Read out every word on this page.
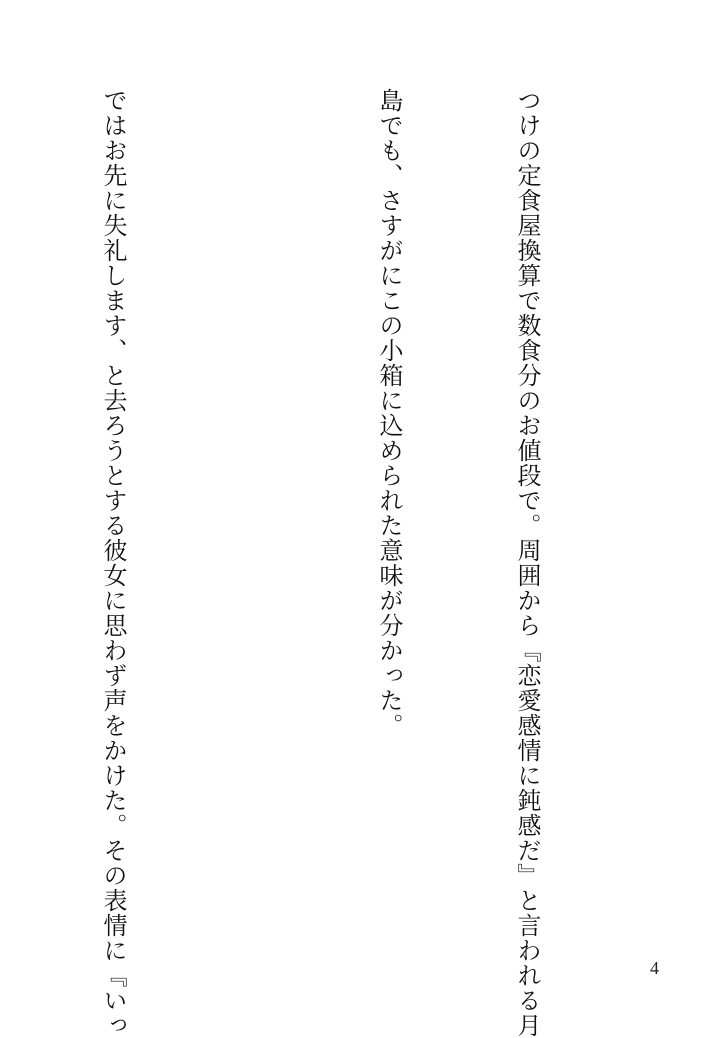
つけの定食屋換算で数食分のお値段で。周囲から『恋愛感情に鈍感だ』と言われる月

島でも、さすがにこの小箱に込められた意味が分かった。

ではお先に失礼します、と去ろうとする彼女に思わず声をかけた。その表情に『いっ

	4
